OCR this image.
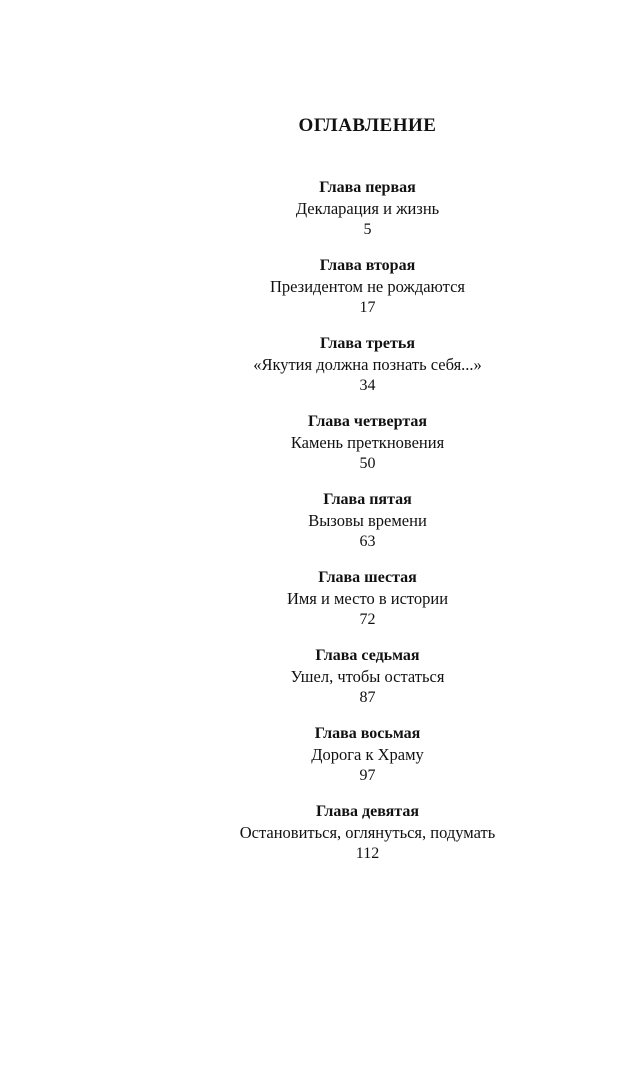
ОГЛАВЛЕНИЕ
Глава первая
Декларация и жизнь
5
Глава вторая
Президентом не рождаются
17
Глава третья
«Якутия должна познать себя...»
34
Глава четвертая
Камень преткновения
50
Глава пятая
Вызовы времени
63
Глава шестая
Имя и место в истории
72
Глава седьмая
Ушел, чтобы остаться
87
Глава восьмая
Дорога к Храму
97
Глава девятая
Остановиться, оглянуться, подумать
112
